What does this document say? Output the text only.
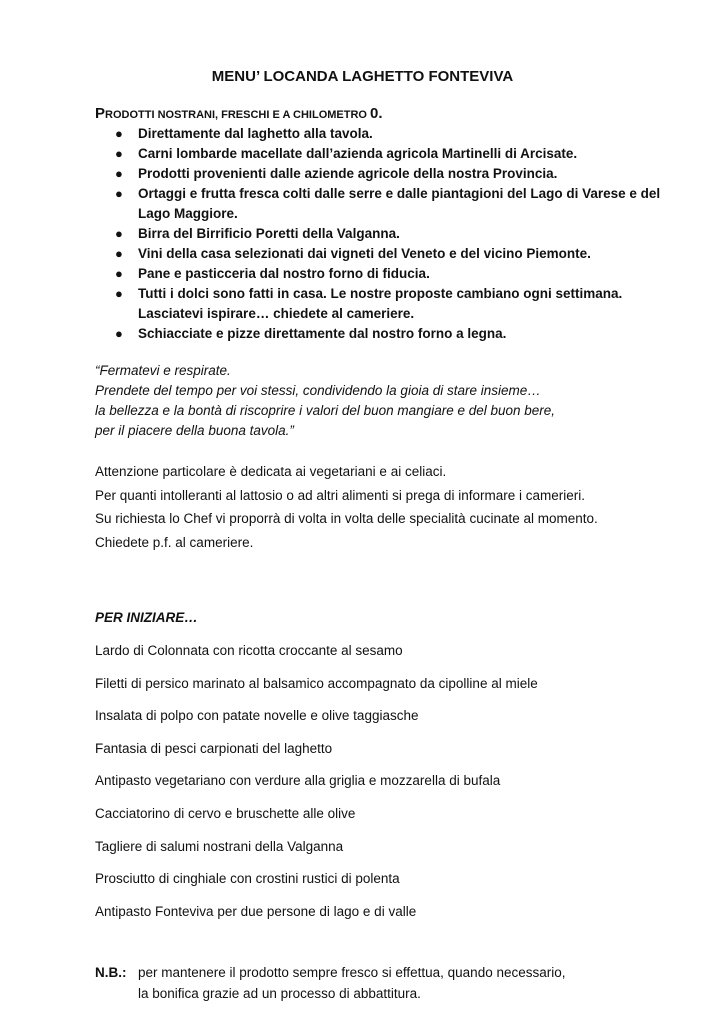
MENU’ LOCANDA LAGHETTO FONTEVIVA

PRODOTTI NOSTRANI, FRESCHI E A CHILOMETRO 0.

● Direttamente dal laghetto alla tavola.
● Carni lombarde macellate dall’azienda agricola Martinelli di Arcisate.
● Prodotti provenienti dalle aziende agricole della nostra Provincia.
● Ortaggi e frutta fresca colti dalle serre e dalle piantagioni del Lago di Varese e del
Lago Maggiore.
● Birra del Birrificio Poretti della Valganna.
● Vini della casa selezionati dai vigneti del Veneto e del vicino Piemonte.
● Pane e pasticceria dal nostro forno di fiducia.
● Tutti i dolci sono fatti in casa. Le nostre proposte cambiano ogni settimana.
Lasciatevi ispirare… chiedete al cameriere.
● Schiacciate e pizze direttamente dal nostro forno a legna.
“Fermatevi e respirate.
Prendete del tempo per voi stessi, condividendo la gioia di stare insieme…
la bellezza e la bontà di riscoprire i valori del buon mangiare e del buon bere,
per il piacere della buona tavola.”
Attenzione particolare è dedicata ai vegetariani e ai celiaci.
Per quanti intolleranti al lattosio o ad altri alimenti si prega di informare i camerieri.
Su richiesta lo Chef vi proporrà di volta in volta delle specialità cucinate al momento.
Chiedete p.f. al cameriere.
PER INIZIARE…
Lardo di Colonnata con ricotta croccante al sesamo
Filetti di persico marinato al balsamico accompagnato da cipolline al miele
Insalata di polpo con patate novelle e olive taggiasche
Fantasia di pesci carpionati del laghetto
Antipasto vegetariano con verdure alla griglia e mozzarella di bufala
Cacciatorino di cervo e bruschette alle olive
Tagliere di salumi nostrani della Valganna
Prosciutto di cinghiale con crostini rustici di polenta
Antipasto Fonteviva per due persone di lago e di valle
N.B.: per mantenere il prodotto sempre fresco si effettua, quando necessario,
la bonifica grazie ad un processo di abbattitura.
